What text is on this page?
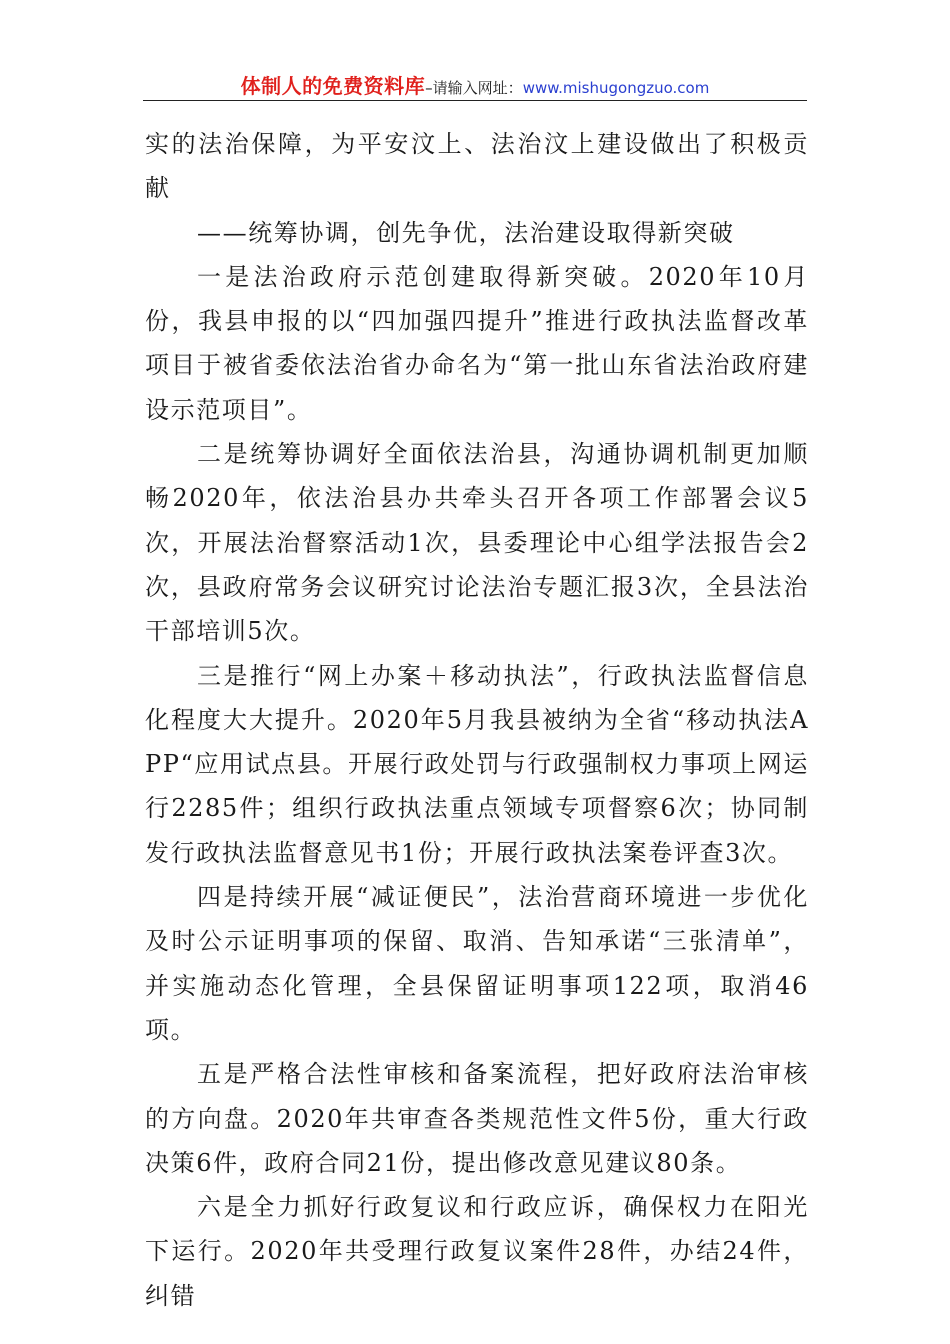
体制人的免费资料库–请输入网址：www.mishugongzuo.com

实的法治保障，为平安汶上、法治汶上建设做出了积极贡献

——统筹协调，创先争优，法治建设取得新突破

一是法治政府示范创建取得新突破。2020年10月份，我县申报的以“四加强四提升”推进行政执法监督改革项目于被省委依法治省办命名为“第一批山东省法治政府建设示范项目”。

二是统筹协调好全面依法治县，沟通协调机制更加顺畅2020年，依法治县办共牵头召开各项工作部署会议5次，开展法治督察活动1次，县委理论中心组学法报告会2次，县政府常务会议研究讨论法治专题汇报3次，全县法治干部培训5次。

三是推行“网上办案＋移动执法”，行政执法监督信息化程度大大提升。2020年5月我县被纳为全省“移动执法APP“应用试点县。开展行政处罚与行政强制权力事项上网运行2285件；组织行政执法重点领域专项督察6次；协同制发行政执法监督意见书1份；开展行政执法案卷评查3次。

四是持续开展“减证便民”，法治营商环境进一步优化及时公示证明事项的保留、取消、告知承诺“三张清单”，并实施动态化管理，全县保留证明事项122项，取消46项。

五是严格合法性审核和备案流程，把好政府法治审核的方向盘。2020年共审查各类规范性文件5份，重大行政决策6件，政府合同21份，提出修改意见建议80条。

六是全力抓好行政复议和行政应诉，确保权力在阳光下运行。2020年共受理行政复议案件28件，办结24件，纠错
